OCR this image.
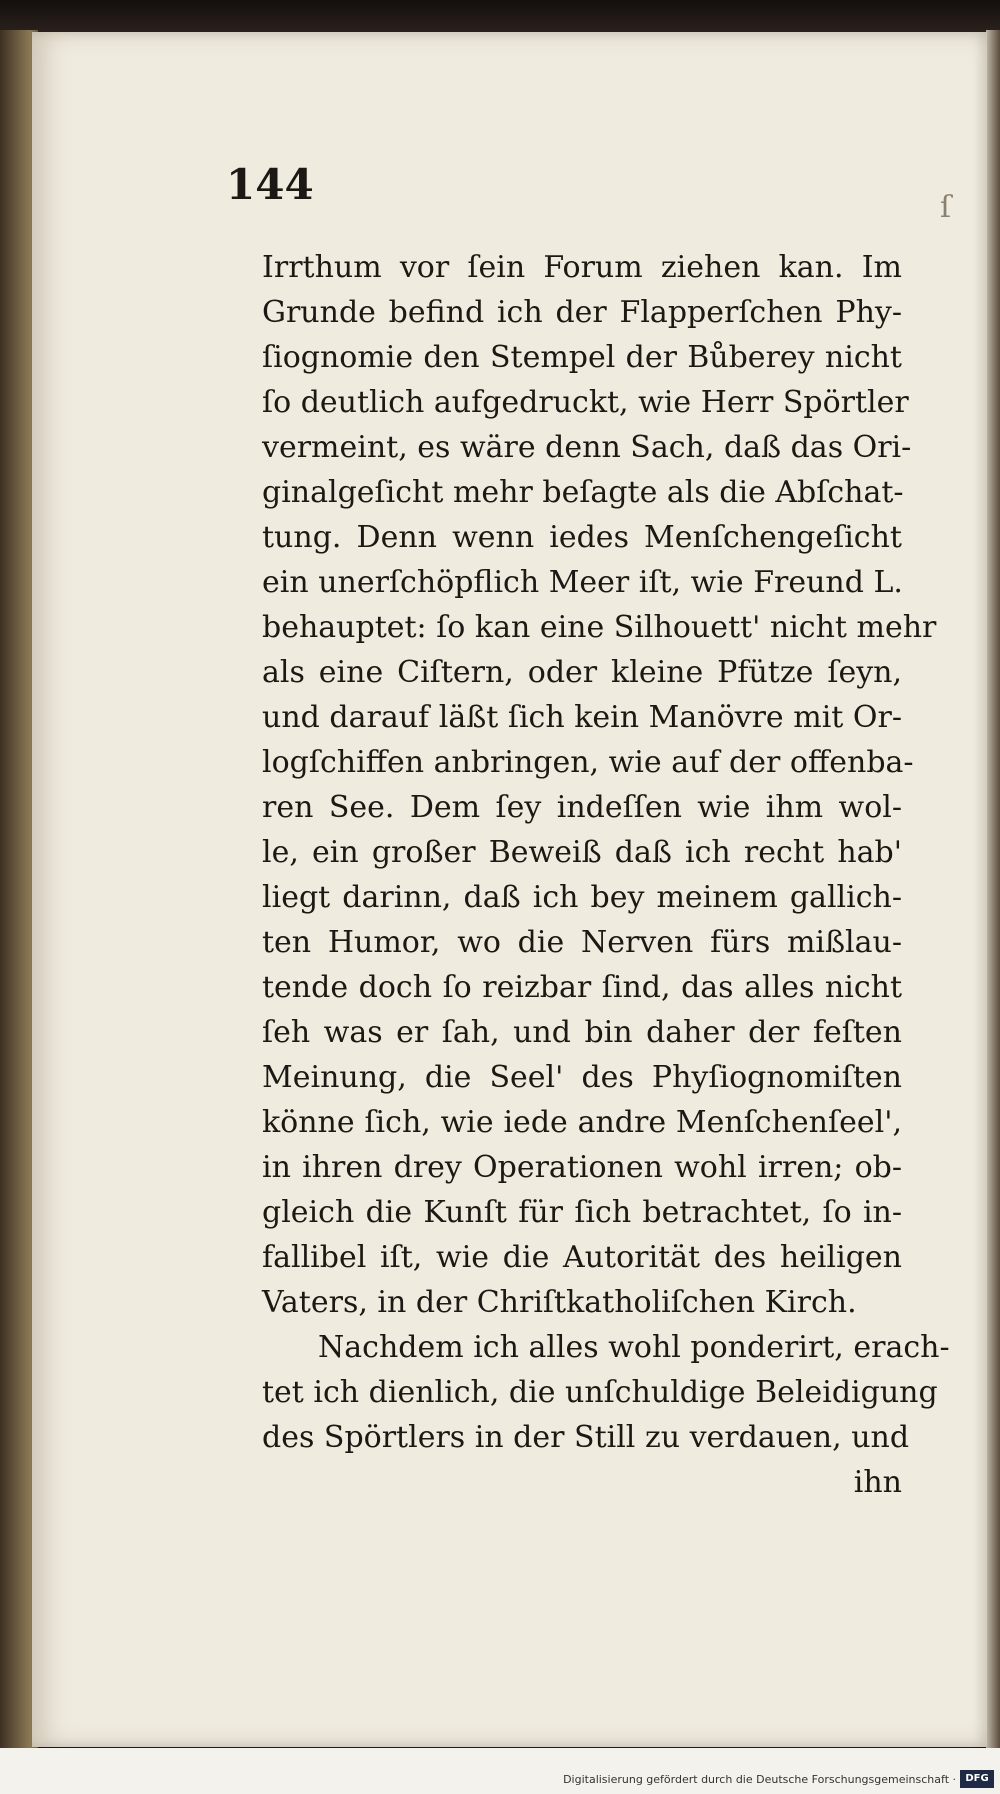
144	ſ
Irrthum vor ſein Forum ziehen kan. Im
Grunde befind ich der Flapperſchen Phy-
ſiognomie den Stempel der Bůberey nicht
ſo deutlich aufgedruckt, wie Herr Spörtler
vermeint, es wäre denn Sach, daß das Ori-
ginalgeſicht mehr beſagte als die Abſchat-
tung. Denn wenn iedes Menſchengeſicht
ein unerſchöpflich Meer iſt, wie Freund L.
behauptet: ſo kan eine Silhouett' nicht mehr
als eine Ciſtern, oder kleine Pfütze ſeyn,
und darauf läßt ſich kein Manövre mit Or-
logſchiffen anbringen, wie auf der offenba-
ren See. Dem ſey indeſſen wie ihm wol-
le, ein großer Beweiß daß ich recht hab'
liegt darinn, daß ich bey meinem gallich-
ten Humor, wo die Nerven fürs mißlau-
tende doch ſo reizbar ſind, das alles nicht
ſeh was er ſah, und bin daher der feſten
Meinung, die Seel' des Phyſiognomiſten
könne ſich, wie iede andre Menſchenſeel',
in ihren drey Operationen wohl irren; ob-
gleich die Kunſt für ſich betrachtet, ſo in-
fallibel iſt, wie die Autorität des heiligen
Vaters, in der Chriſtkatholiſchen Kirch.
Nachdem ich alles wohl ponderirt, erach-
tet ich dienlich, die unſchuldige Beleidigung
des Spörtlers in der Still zu verdauen, und
ihn
Digitalisierung gefördert durch die Deutsche Forschungsgemeinschaft · DFG
